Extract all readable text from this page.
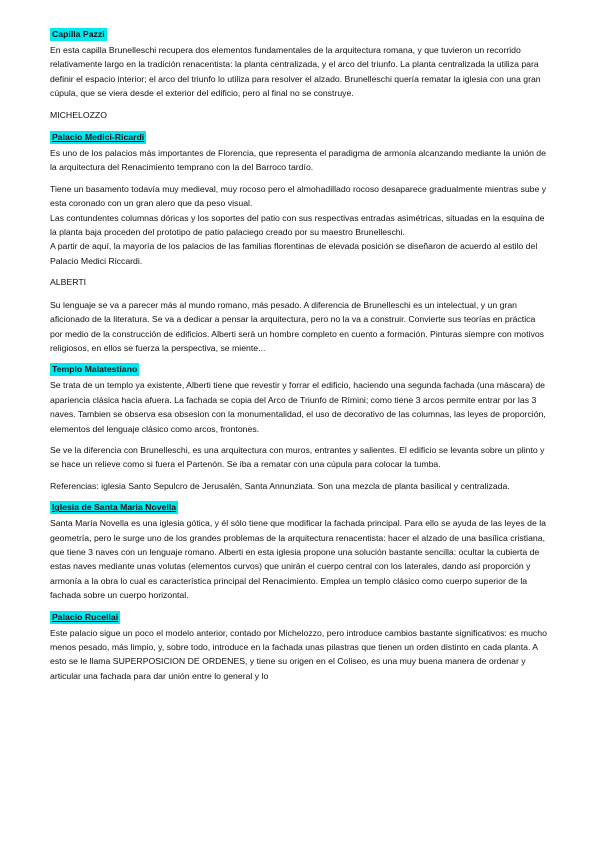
Capilla Pazzi

En esta capilla Brunelleschi recupera dos elementos fundamentales de la arquitectura romana, y que tuvieron un recorrido relativamente largo en la tradición renacentista: la planta centralizada, y el arco del triunfo. La planta centralizada la utiliza para definir el espacio interior; el arco del triunfo lo utiliza para resolver el alzado. Brunelleschi quería rematar la iglesia con una gran cúpula, que se viera desde el exterior del edificio, pero al final no se construye.

MICHELOZZO

Palacio Medici-Ricardi

Es uno de los palacios más importantes de Florencia, que representa el paradigma de armonía alcanzando mediante la unión de la arquitectura del Renacimiento temprano con la del Barroco tardío.

Tiene un basamento todavía muy medieval, muy rocoso pero el almohadillado rocoso desaparece gradualmente mientras sube y esta coronado con un gran alero que da peso visual.

Las contundentes columnas dóricas y los soportes del patio con sus respectivas entradas asimétricas, situadas en la esquina de la planta baja proceden del prototipo de patio palaciego creado por su maestro Brunelleschi.

A partir de aquí, la mayoría de los palacios de las familias florentinas de elevada posición se diseñaron de acuerdo al estilo del Palacio Medici Riccardi.

ALBERTI

Su lenguaje se va a parecer más al mundo romano, más pesado. A diferencia de Brunelleschi es un intelectual, y un gran aficionado de la literatura. Se va a dedicar a pensar la arquitectura, pero no la va a construir. Convierte sus teorías en práctica por medio de la construcción de edificios. Alberti será un hombre completo en cuento a formación. Pinturas siempre con motivos religiosos, en ellos se fuerza la perspectiva, se miente...

Templo Malatestiano

Se trata de un templo ya existente, Alberti tiene que revestir y forrar el edificio, haciendo una segunda fachada (una máscara) de apariencia clásica hacia afuera. La fachada se copia del Arco de Triunfo de Rímini; como tiene 3 arcos permite entrar por las 3 naves. Tambien se observa esa obsesion con la monumentalidad, el uso de decorativo de las columnas, las leyes de proporción, elementos del lenguaje clásico como arcos, frontones.

Se ve la diferencia con Brunelleschi, es una arquitectura con muros, entrantes y salientes. El edificio se levanta sobre un plinto y se hace un relieve como si fuera el Partenón. Se iba a rematar con una cúpula para colocar la tumba.

Referencias: iglesia Santo Sepulcro de Jerusalén, Santa Annunziata. Son una mezcla de planta basilical y centralizada.

Iglesia de Santa Maria Novella

Santa María Novella es una iglesia gótica, y él sólo tiene que modificar la fachada principal. Para ello se ayuda de las leyes de la geometría, pero le surge uno de los grandes problemas de la arquitectura renacentista: hacer el alzado de una basílica cristiana, que tiene 3 naves con un lenguaje romano. Alberti en esta iglesia propone una solución bastante sencilla: ocultar la cubierta de estas naves mediante unas volutas (elementos curvos) que unirán el cuerpo central con los laterales, dando así proporción y armonía a la obra lo cual es característica principal del Renacimiento. Emplea un templo clásico como cuerpo superior de la fachada sobre un cuerpo horizontal.

Palacio Rucellai

Este palacio sigue un poco el modelo anterior, contado por Michelozzo, pero introduce cambios bastante significativos: es mucho menos pesado, más limpio, y, sobre todo, introduce en la fachada unas pilastras que tienen un orden distinto en cada planta. A esto se le llama SUPERPOSICION DE ORDENES, y tiene su origen en el Coliseo, es una muy buena manera de ordenar y articular una fachada para dar unión entre lo general y lo
